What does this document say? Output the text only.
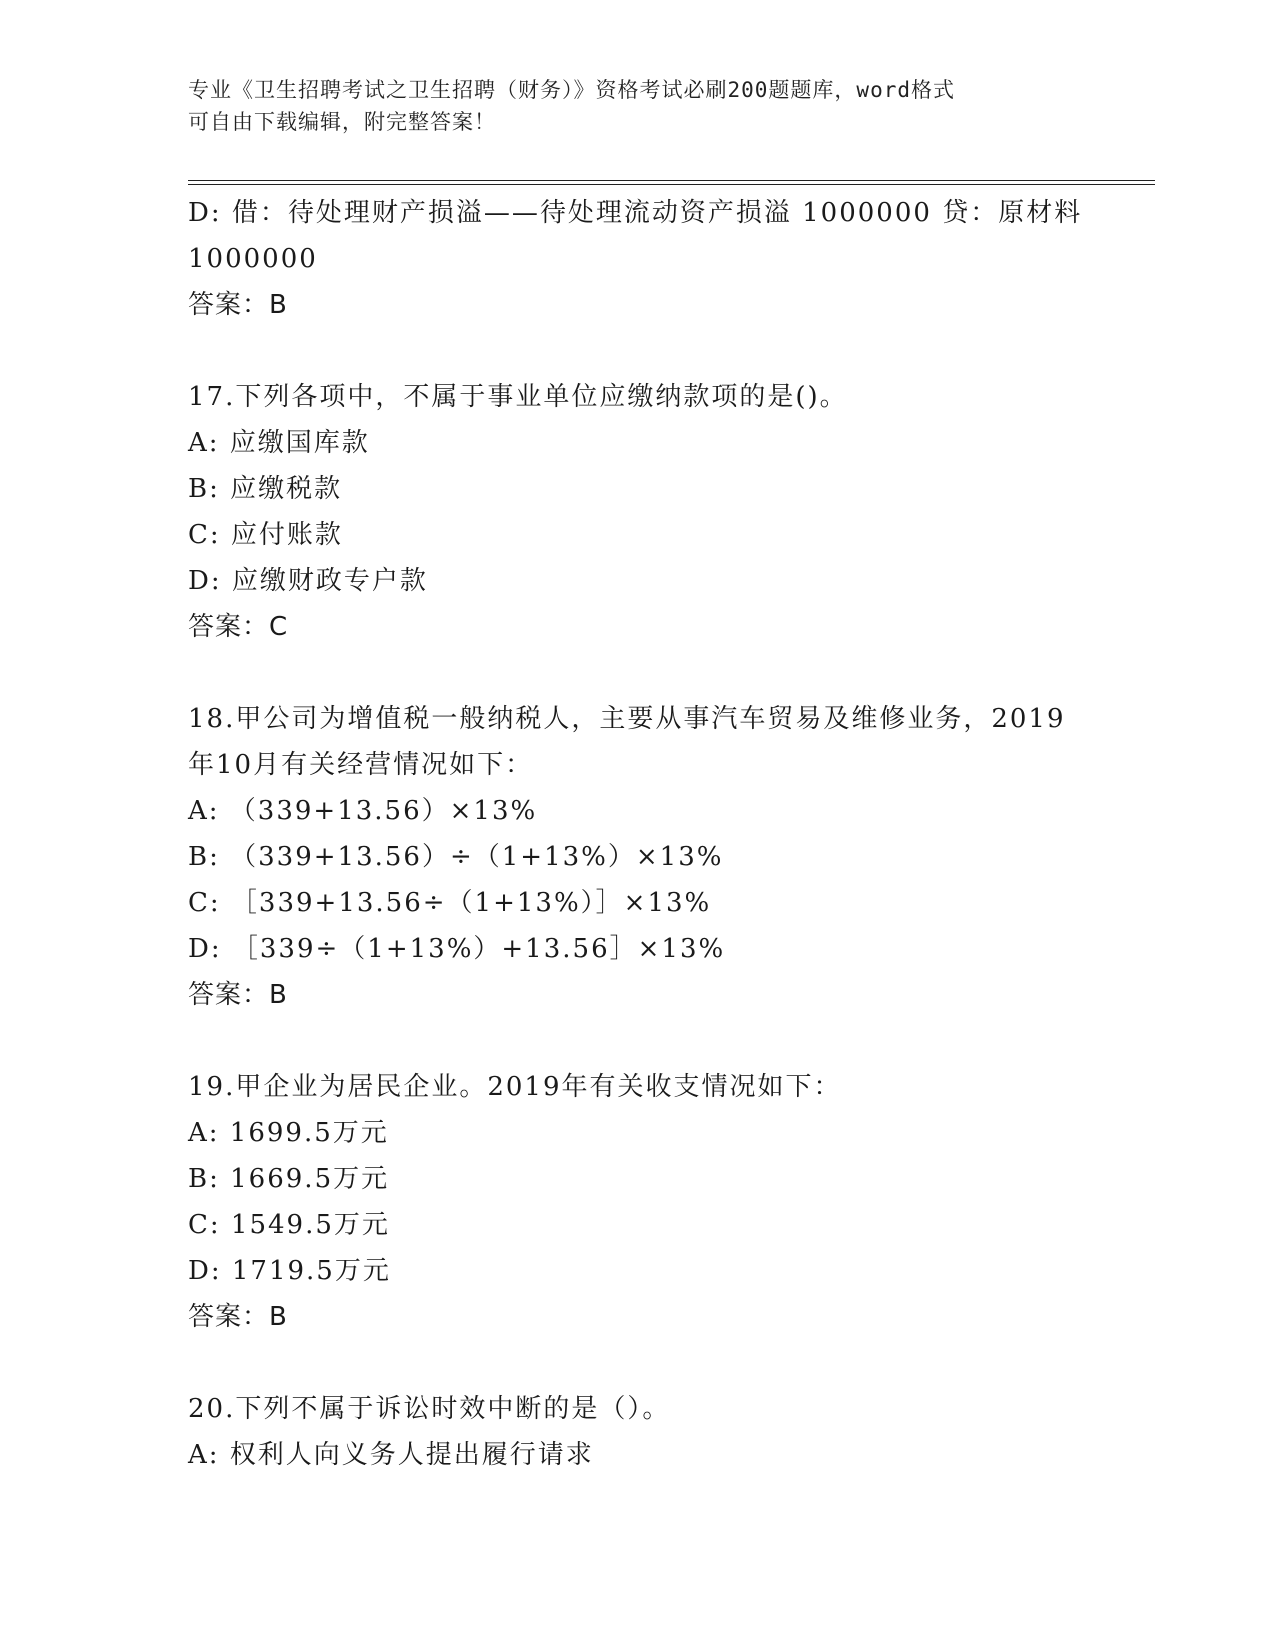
专业《卫生招聘考试之卫生招聘（财务）》资格考试必刷200题题库，word格式
可自由下载编辑，附完整答案！
D: 借：待处理财产损溢——待处理流动资产损溢 1000000 贷：原材料
1000000
答案：B
17.下列各项中，不属于事业单位应缴纳款项的是()。
A: 应缴国库款
B: 应缴税款
C: 应付账款
D: 应缴财政专户款
答案：C
18.甲公司为增值税一般纳税人，主要从事汽车贸易及维修业务，2019
年10月有关经营情况如下：
A: （339+13.56）×13%
B: （339+13.56）÷（1+13%）×13%
C: ［339+13.56÷（1+13%）］×13%
D: ［339÷（1+13%）+13.56］×13%
答案：B
19.甲企业为居民企业。2019年有关收支情况如下：
A: 1699.5万元
B: 1669.5万元
C: 1549.5万元
D: 1719.5万元
答案：B
20.下列不属于诉讼时效中断的是（）。
A: 权利人向义务人提出履行请求
